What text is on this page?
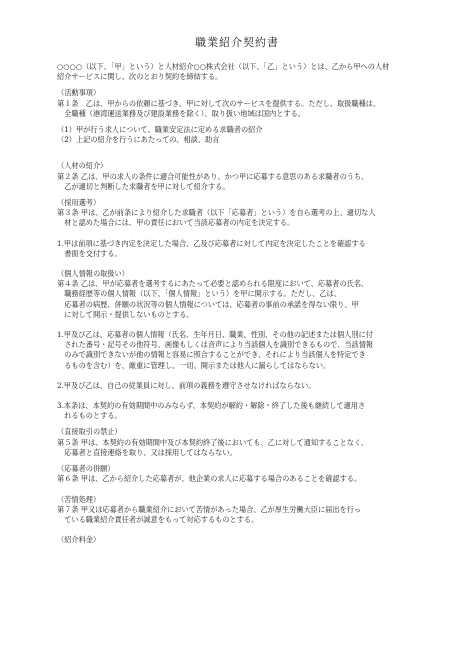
職業紹介契約書

○○○○（以下、「甲」という）と人材紹介○○株式会社（以下、「乙」という）とは、乙から甲への人材

紹介サービスに関し、次のとおり契約を締結する。

（活動事項）

第１条　乙は、甲からの依頼に基づき、甲に対して次のサービスを提供する。ただし、取扱職種は、

　全職種（港湾運送業務及び建設業務を除く）、取り扱い地域は国内とする。

（1）甲が行う求人について、職業安定法に定める求職者の紹介

（2）上記の紹介を行うにあたっての、相談、助言

（人材の紹介）

第２条 乙は、甲の求人の条件に適合可能性があり、かつ甲に応募する意思のある求職者のうち、

　乙が適切と判断した求職者を甲に対して紹介する。

（採用選考）

第３条 甲は、乙が前条により紹介した求職者（以下「応募者」という）を自ら選考の上、適切な人

　材と認めた場合には、甲の責任において当該応募者の内定を決定する。

1.甲は前項に基づき内定を決定した場合、乙及び応募者に対して内定を決定したことを確認する

　書面を交付する。

（個人情報の取扱い）

第４条 乙は、甲が応募者を選考するにあたって必要と認められる限度において、応募者の氏名、

　職務経歴等の個人情報（以下、「個人情報」という）を甲に開示する。ただし、乙は、

　応募者の病歴、併願の状況等の個人情報については、応募者の事前の承諾を得ない限り、甲

　に対して開示・提供しないものとする。

1.甲及び乙は、応募者の個人情報（氏名、生年月日、職業、性別、その他の記述または個人別に付

　された番号・記号その他符号、画像もしくは音声により当該個人を識別できるもので、当該情報

　のみで識別できないが他の情報と容易に照合することができ、それにより当該個人を特定でき

　るものを含む）を、厳重に管理し、一切、開示または他人に漏らしてはならない。

2.甲及び乙は、自己の従業員に対し、前項の義務を遵守させなければならない。

3.本条は、本契約の有効期間中のみならず、本契約が解約・解除・終了した後も継続して適用さ

　れるものとする。

（直接取引の禁止）

第５条 甲は、本契約の有効期間中及び本契約終了後においても、乙に対して通知することなく、

　応募者と直接連絡を取り、又は採用してはならない。

（応募者の併願）

第６条 甲は、乙から紹介した応募者が、他企業の求人に応募する場合のあることを確認する。

（苦情処理）

第７条 甲又は応募者から職業紹介において苦情があった場合、乙が厚生労働大臣に届出を行っ

　ている職業紹介責任者が誠意をもって対応するものとする。

（紹介料金）
